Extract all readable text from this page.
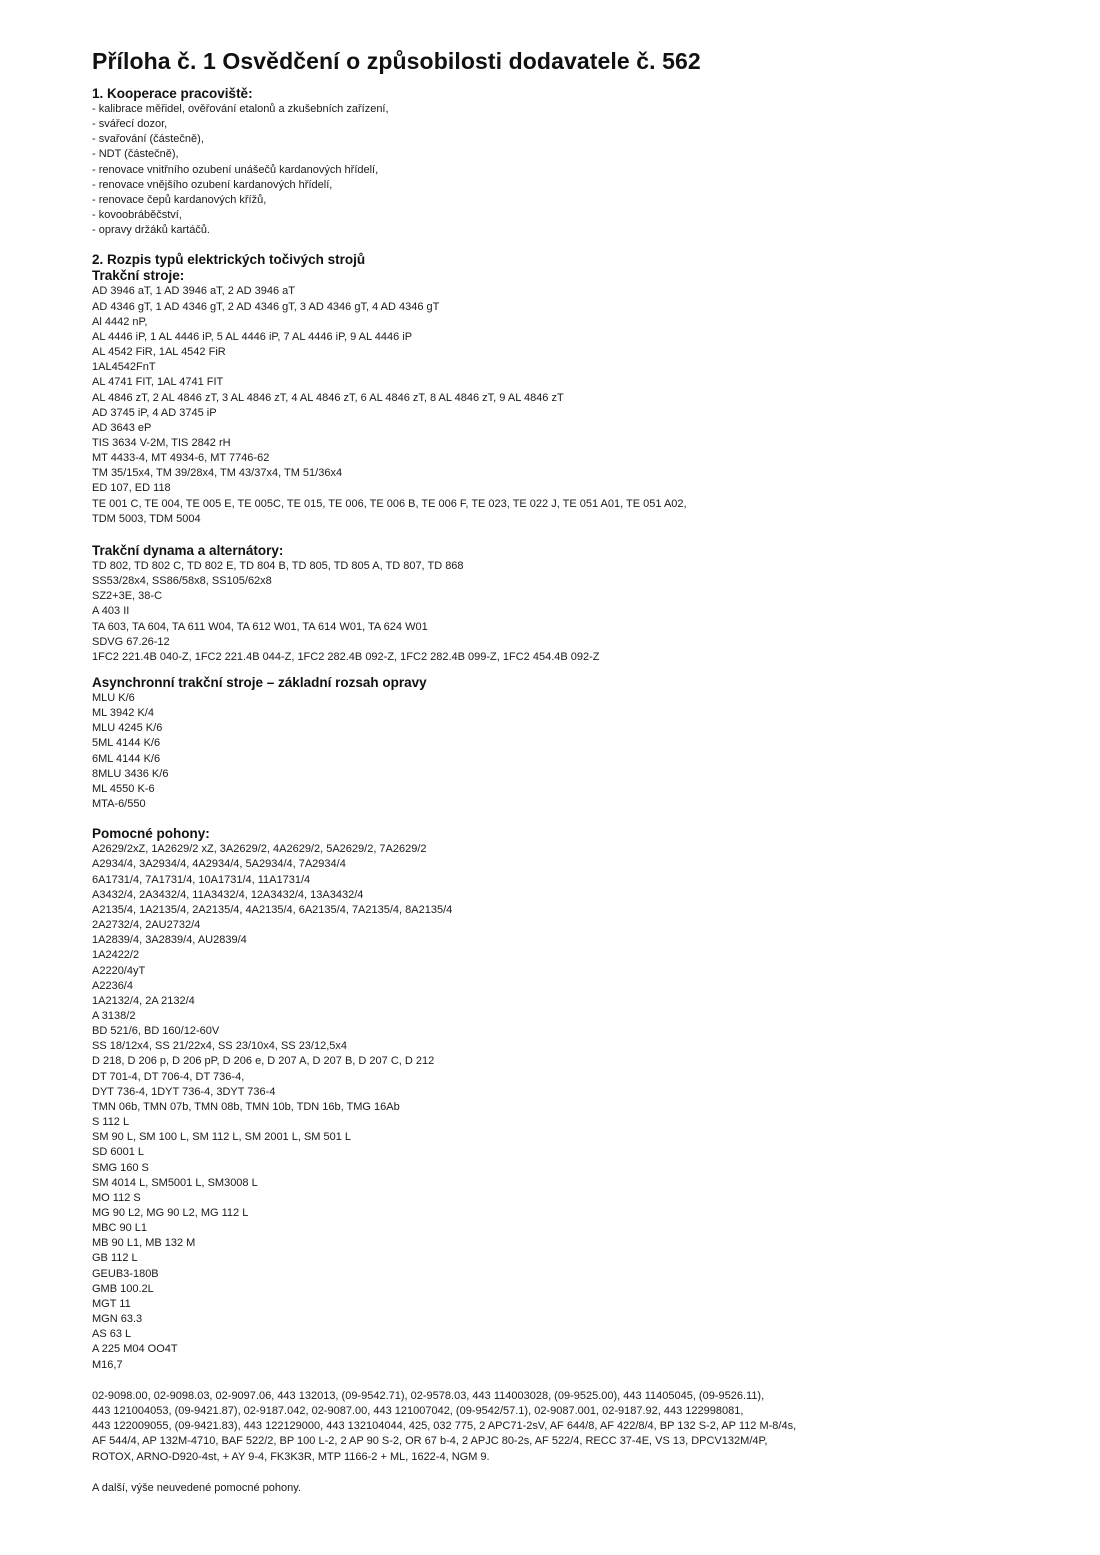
Příloha č. 1 Osvědčení o způsobilosti dodavatele č. 562
1. Kooperace pracoviště:
- kalibrace měřidel, ověřování etalonů a zkušebních zařízení,
- svářecí dozor,
- svařování (částečně),
- NDT (částečně),
- renovace vnitřního ozubení unášečů kardanových hřídelí,
- renovace vnějšího ozubení kardanových hřídelí,
- renovace čepů kardanových křížů,
- kovoobráběčství,
- opravy držáků kartáčů.
2. Rozpis typů elektrických točivých strojů
Trakční stroje:
AD 3946 aT, 1 AD 3946 aT, 2 AD 3946 aT
AD 4346 gT, 1 AD 4346 gT, 2 AD 4346 gT, 3 AD 4346 gT, 4 AD 4346 gT
Al 4442 nP,
AL 4446 iP, 1 AL 4446 iP, 5 AL 4446 iP, 7 AL 4446 iP, 9 AL 4446 iP
AL 4542 FiR, 1AL 4542 FiR
1AL4542FnT
AL 4741 FIT, 1AL 4741 FIT
AL 4846 zT, 2 AL 4846 zT, 3 AL 4846 zT, 4 AL 4846 zT, 6 AL 4846 zT, 8 AL 4846 zT, 9 AL 4846 zT
AD 3745 iP, 4 AD 3745 iP
AD 3643 eP
TIS 3634 V-2M, TIS 2842 rH
MT 4433-4, MT 4934-6, MT 7746-62
TM 35/15x4, TM 39/28x4, TM 43/37x4, TM 51/36x4
ED 107, ED 118
TE 001 C, TE 004, TE 005 E, TE 005C, TE 015, TE 006, TE 006 B, TE 006 F, TE 023, TE 022 J, TE 051 A01, TE 051 A02,
TDM 5003, TDM 5004
Trakční dynama a alternátory:
TD 802, TD 802 C, TD 802 E, TD 804 B, TD 805, TD 805 A, TD 807, TD 868
SS53/28x4, SS86/58x8, SS105/62x8
SZ2+3E, 38-C
A 403 II
TA 603, TA 604, TA 611 W04, TA 612 W01, TA 614 W01, TA 624 W01
SDVG 67.26-12
1FC2 221.4B 040-Z, 1FC2 221.4B 044-Z, 1FC2 282.4B 092-Z, 1FC2 282.4B 099-Z, 1FC2 454.4B 092-Z
Asynchronní trakční stroje – základní rozsah opravy
MLU K/6
ML 3942 K/4
MLU 4245 K/6
5ML 4144 K/6
6ML 4144 K/6
8MLU 3436 K/6
ML 4550 K-6
MTA-6/550
Pomocné pohony:
A2629/2xZ, 1A2629/2 xZ, 3A2629/2, 4A2629/2, 5A2629/2, 7A2629/2
A2934/4, 3A2934/4, 4A2934/4, 5A2934/4, 7A2934/4
6A1731/4, 7A1731/4, 10A1731/4, 11A1731/4
A3432/4, 2A3432/4, 11A3432/4, 12A3432/4, 13A3432/4
A2135/4, 1A2135/4, 2A2135/4, 4A2135/4, 6A2135/4, 7A2135/4, 8A2135/4
2A2732/4, 2AU2732/4
1A2839/4, 3A2839/4, AU2839/4
1A2422/2
A2220/4yT
A2236/4
1A2132/4, 2A 2132/4
A 3138/2
BD 521/6, BD 160/12-60V
SS 18/12x4, SS 21/22x4, SS 23/10x4, SS 23/12,5x4
D 218, D 206 p, D 206 pP, D 206 e, D 207 A, D 207 B, D 207 C, D 212
DT 701-4, DT 706-4, DT 736-4,
DYT 736-4, 1DYT 736-4, 3DYT 736-4
TMN 06b, TMN 07b, TMN 08b, TMN 10b, TDN 16b, TMG 16Ab
S 112 L
SM 90 L, SM 100 L, SM 112 L, SM 2001 L, SM 501 L
SD 6001 L
SMG 160 S
SM 4014 L, SM5001 L, SM3008 L
MO 112 S
MG 90 L2, MG 90 L2, MG 112 L
MBC 90 L1
MB 90 L1, MB 132 M
GB 112 L
GEUB3-180B
GMB 100.2L
MGT 11
MGN 63.3
AS 63 L
A 225 M04 OO4T
M16,7
02-9098.00, 02-9098.03, 02-9097.06, 443 132013, (09-9542.71), 02-9578.03, 443 114003028, (09-9525.00), 443 11405045, (09-9526.11),
443 121004053, (09-9421.87), 02-9187.042, 02-9087.00, 443 121007042, (09-9542/57.1), 02-9087.001, 02-9187.92, 443 122998081,
443 122009055, (09-9421.83), 443 122129000, 443 132104044, 425, 032 775, 2 APC71-2sV, AF 644/8, AF 422/8/4, BP 132 S-2, AP 112 M-8/4s,
AF 544/4, AP 132M-4710, BAF 522/2, BP 100 L-2, 2 AP 90 S-2, OR 67 b-4, 2 APJC 80-2s, AF 522/4, RECC 37-4E, VS 13, DPCV132M/4P,
ROTOX, ARNO-D920-4st, + AY 9-4, FK3K3R, MTP 1166-2 + ML, 1622-4, NGM 9.
A další, výše neuvedené pomocné pohony.
